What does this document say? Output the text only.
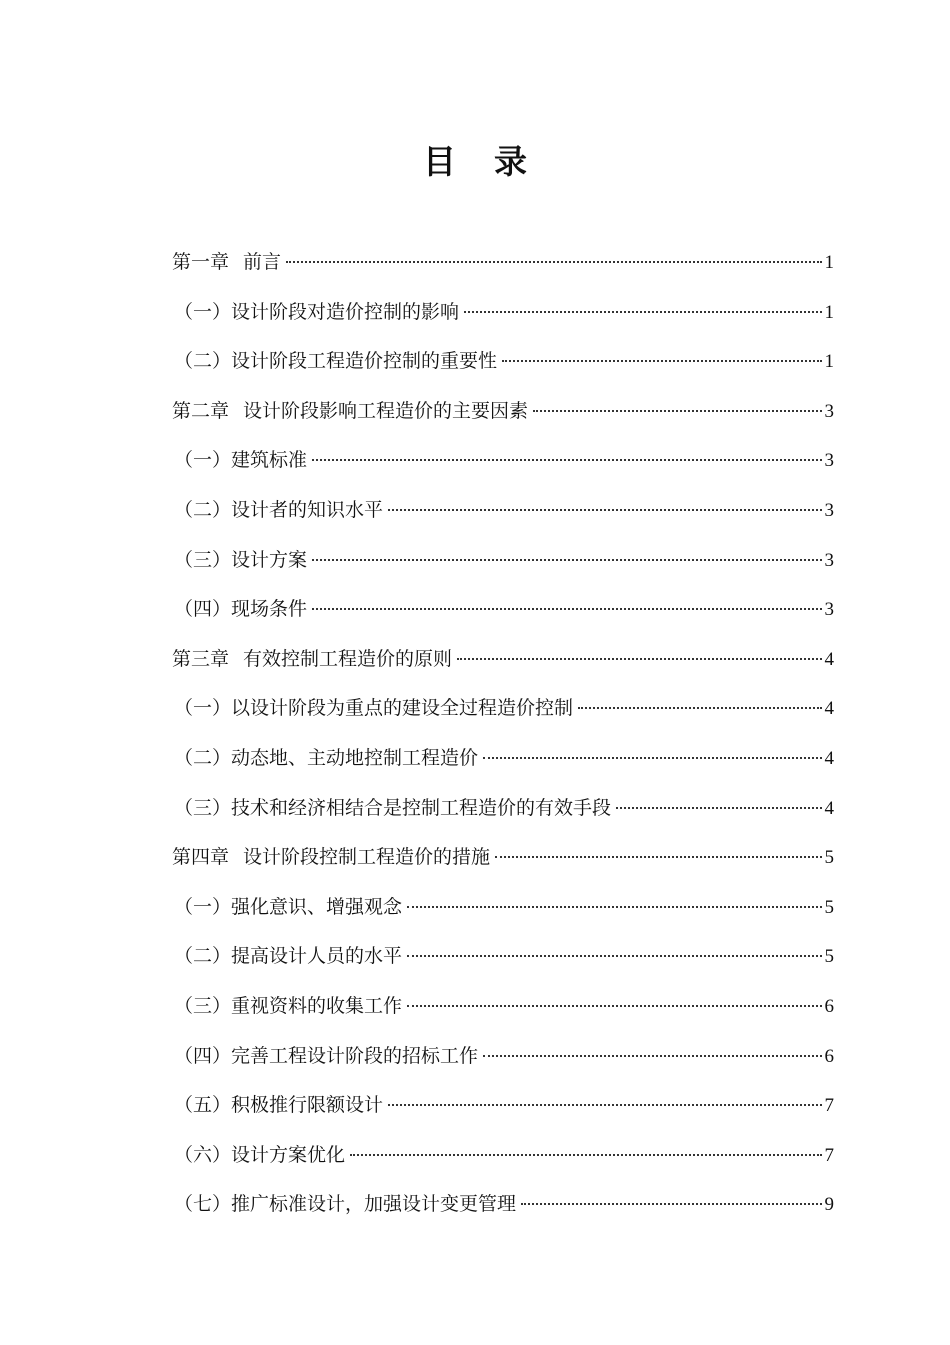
目 录
第一章 前言	1
（一）设计阶段对造价控制的影响	1
（二）设计阶段工程造价控制的重要性	1
第二章 设计阶段影响工程造价的主要因素	3
（一）建筑标准	3
（二）设计者的知识水平	3
（三）设计方案	3
（四）现场条件	3
第三章 有效控制工程造价的原则	4
（一）以设计阶段为重点的建设全过程造价控制	4
（二）动态地、主动地控制工程造价	4
（三）技术和经济相结合是控制工程造价的有效手段	4
第四章 设计阶段控制工程造价的措施	5
（一）强化意识、增强观念	5
（二）提高设计人员的水平	5
（三）重视资料的收集工作	6
（四）完善工程设计阶段的招标工作	6
（五）积极推行限额设计	7
（六）设计方案优化	7
（七）推广标准设计，加强设计变更管理	9
